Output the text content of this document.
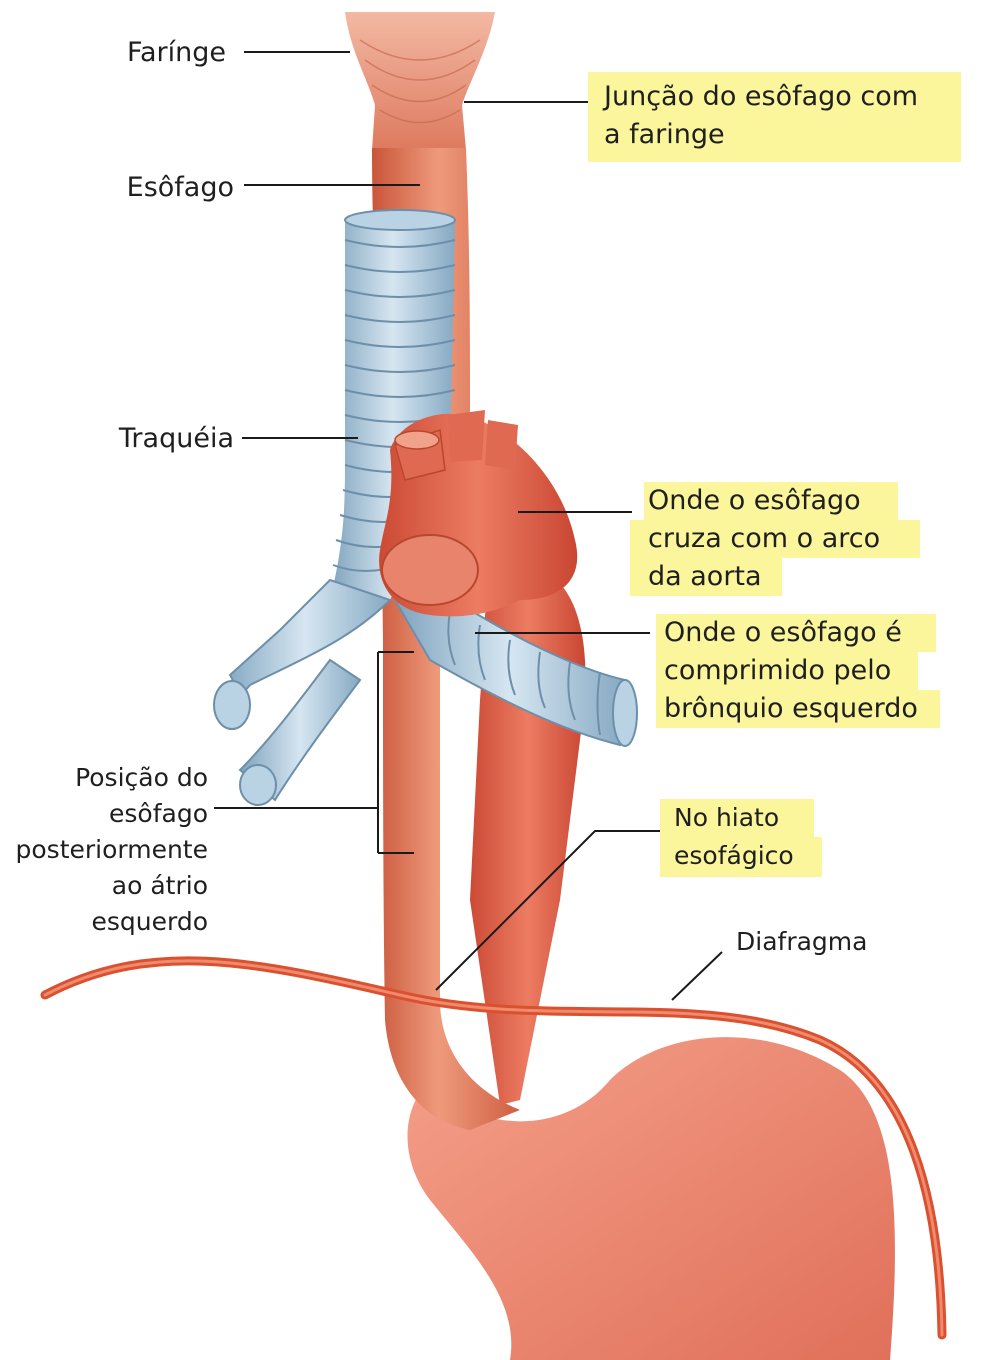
Farínge
Junção do esôfago com
a faringe
Esôfago
Traquéia
Onde o esôfago
cruza com o arco
da aorta
Onde o esôfago é
comprimido pelo
brônquio esquerdo
Posição do
esôfago
posteriormente
ao átrio
esquerdo
No hiato
esofágico
Diafragma
